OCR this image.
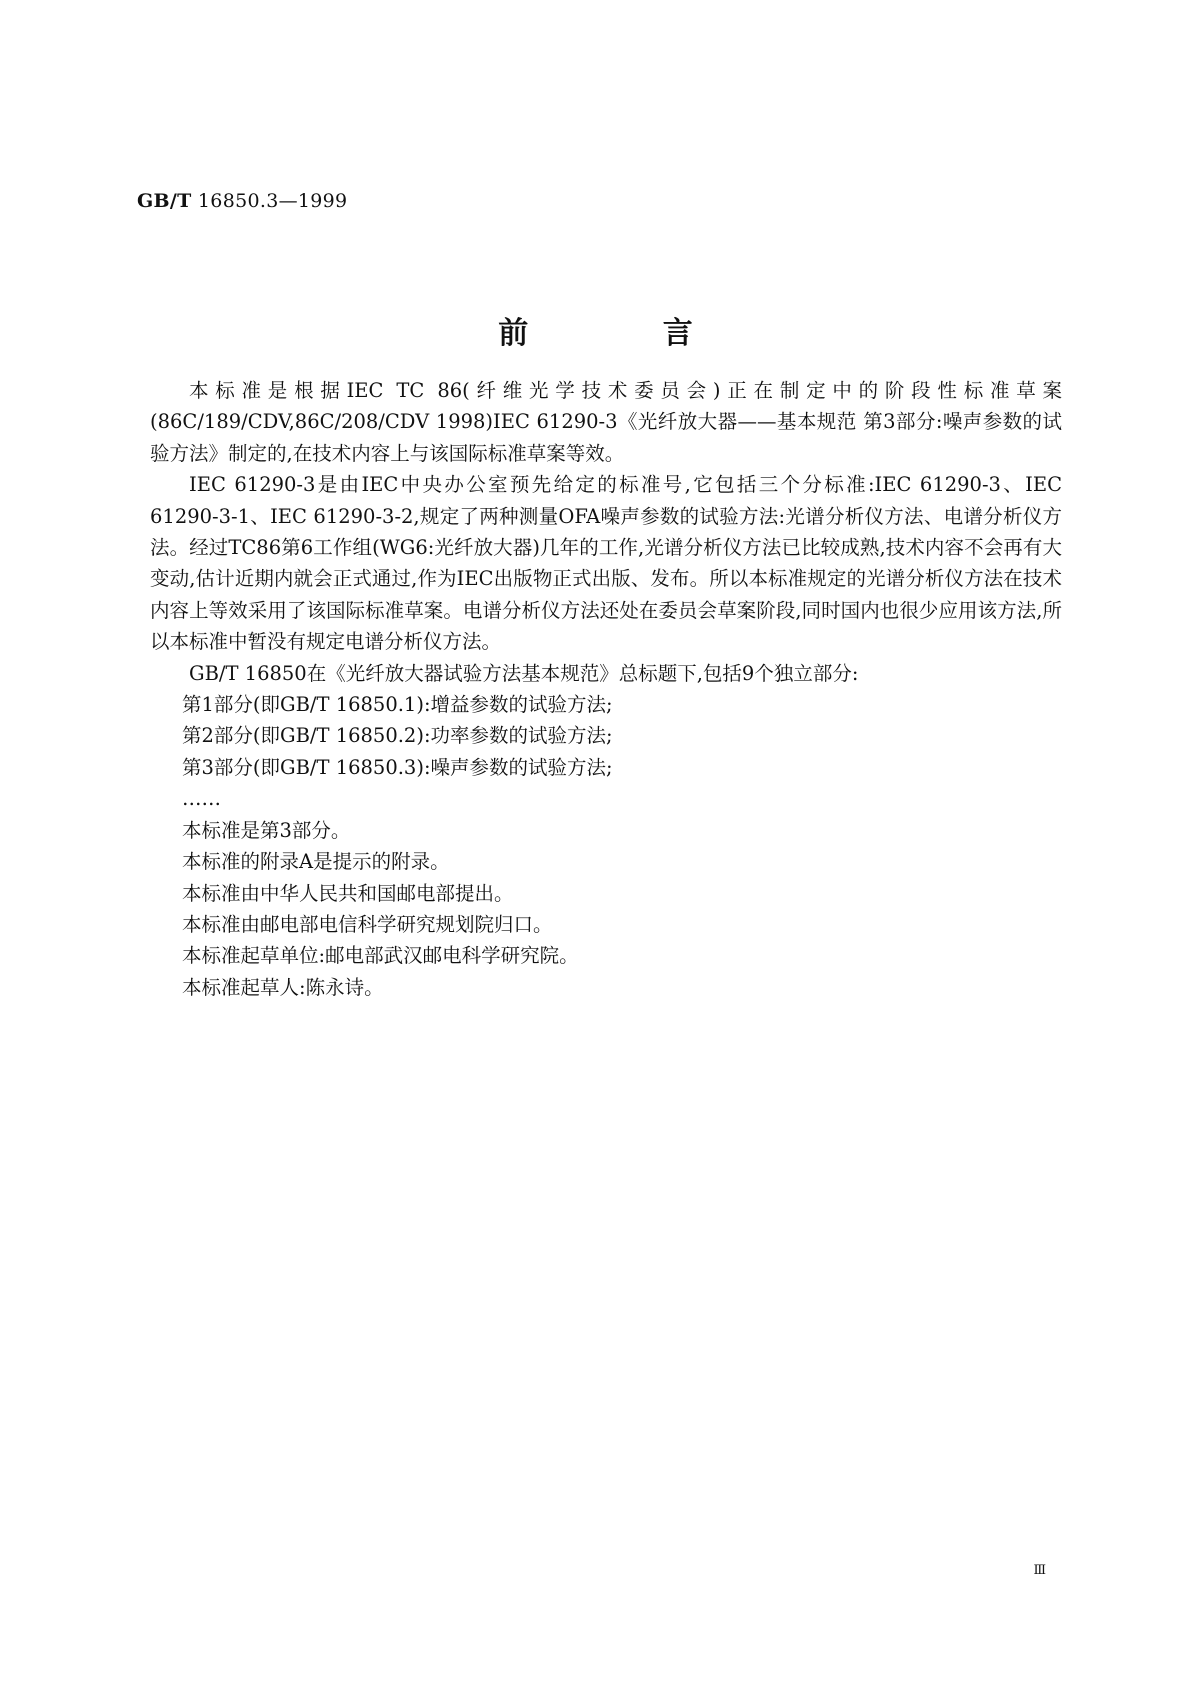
GB/T 16850.3—1999
前 言

本标准是根据IEC TC 86(纤维光学技术委员会)正在制定中的阶段性标准草案(86C/189/CDV,86C/208/CDV 1998)IEC 61290-3《光纤放大器——基本规范 第3部分:噪声参数的试验方法》制定的,在技术内容上与该国际标准草案等效。

IEC 61290-3是由IEC中央办公室预先给定的标准号,它包括三个分标准:IEC 61290-3、IEC 61290-3-1、IEC 61290-3-2,规定了两种测量OFA噪声参数的试验方法:光谱分析仪方法、电谱分析仪方法。经过TC86第6工作组(WG6:光纤放大器)几年的工作,光谱分析仪方法已比较成熟,技术内容不会再有大变动,估计近期内就会正式通过,作为IEC出版物正式出版、发布。所以本标准规定的光谱分析仪方法在技术内容上等效采用了该国际标准草案。电谱分析仪方法还处在委员会草案阶段,同时国内也很少应用该方法,所以本标准中暂没有规定电谱分析仪方法。

GB/T 16850在《光纤放大器试验方法基本规范》总标题下,包括9个独立部分:

第1部分(即GB/T 16850.1):增益参数的试验方法;

第2部分(即GB/T 16850.2):功率参数的试验方法;

第3部分(即GB/T 16850.3):噪声参数的试验方法;

……

本标准是第3部分。

本标准的附录A是提示的附录。

本标准由中华人民共和国邮电部提出。

本标准由邮电部电信科学研究规划院归口。

本标准起草单位:邮电部武汉邮电科学研究院。

本标准起草人:陈永诗。

Ⅲ
